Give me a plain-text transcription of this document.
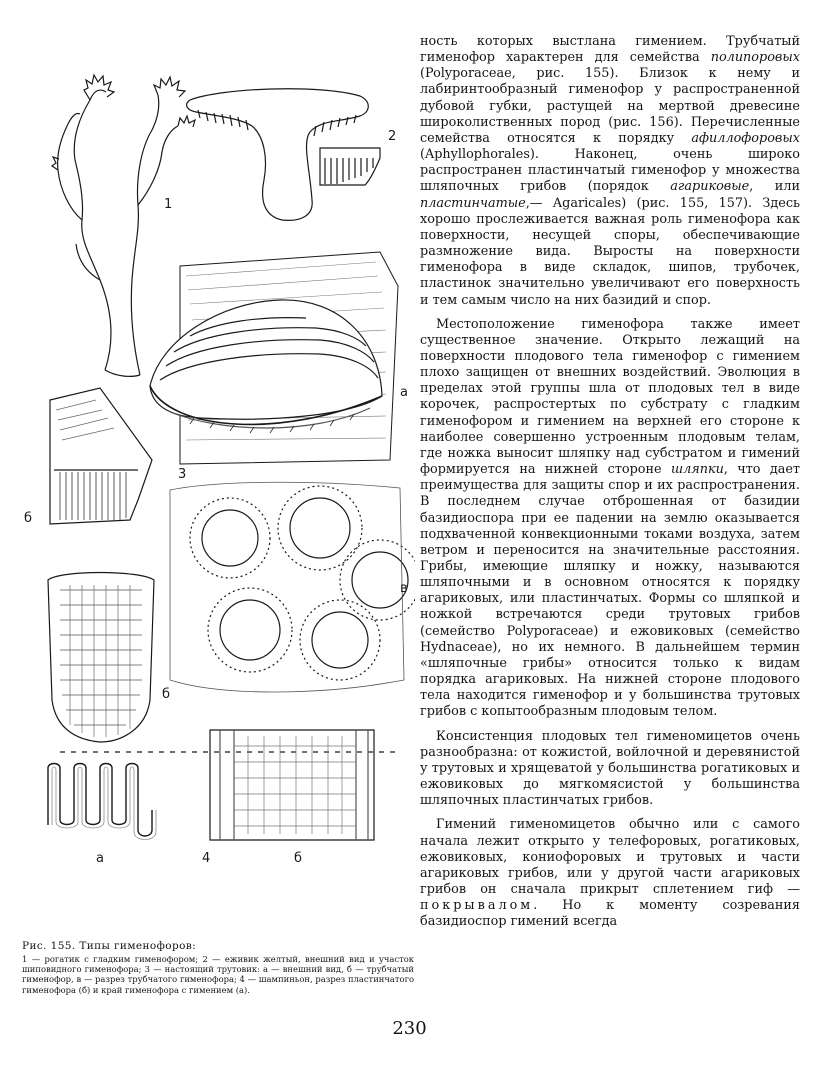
1
2
3
а
б
в
б
а	4	б

Рис. 155. Типы гименофоров:

1 — рогатик с гладким гименофором; 2 — еживик желтый, внешний вид и участок шиповидного гименофора; 3 — настоящий трутовик: а — внешний вид, б — трубчатый гименофор, в — разрез трубчатого гименофора; 4 — шампиньон, разрез пластинчатого гименофора (б) и край гименофора с гимением (а).

ность которых выстлана гимением. Трубчатый гименофор характерен для семейства полипоровых (Polyporaceae, рис. 155). Близок к нему и лабиринтообразный гименофор у распространенной дубовой губки, растущей на мертвой древесине широколиственных пород (рис. 156). Перечисленные семейства относятся к порядку афиллофоровых (Aphyllophorales). Наконец, очень широко распространен пластинчатый гименофор у множества шляпочных грибов (порядок агариковые, или пластинчатые,— Agaricales) (рис. 155, 157). Здесь хорошо прослеживается важная роль гименофора как поверхности, несущей споры, обеспечивающие размножение вида. Выросты на поверхности гименофора в виде складок, шипов, трубочек, пластинок значительно увеличивают его поверхность и тем самым число на них базидий и спор.

Местоположение гименофора также имеет существенное значение. Открыто лежащий на поверхности плодового тела гименофор с гимением плохо защищен от внешних воздействий. Эволюция в пределах этой группы шла от плодовых тел в виде корочек, распростертых по субстрату с гладким гименофором и гимением на верхней его стороне к наиболее совершенно устроенным плодовым телам, где ножка выносит шляпку над субстратом и гимений формируется на нижней стороне шляпки, что дает преимущества для защиты спор и их распространения. В последнем случае отброшенная от базидии базидиоспора при ее падении на землю оказывается подхваченной конвекционными токами воздуха, затем ветром и переносится на значительные расстояния. Грибы, имеющие шляпку и ножку, называются шляпочными и в основном относятся к порядку агариковых, или пластинчатых. Формы со шляпкой и ножкой встречаются среди трутовых грибов (семейство Polyporaceae) и ежовиковых (семейство Hydnaceae), но их немного. В дальнейшем термин «шляпочные грибы» относится только к видам порядка агариковых. На нижней стороне плодового тела находится гименофор и у большинства трутовых грибов с копытообразным плодовым телом.

Консистенция плодовых тел гименомицетов очень разнообразна: от кожистой, войлочной и деревянистой у трутовых и хрящеватой у большинства рогатиковых и ежовиковых до мягкомясистой у большинства шляпочных пластинчатых грибов.

Гимений гименомицетов обычно или с самого начала лежит открыто у телефоровых, рогатиковых, ежовиковых, кониофоровых и трутовых и части агариковых грибов, или у другой части агариковых грибов он сначала прикрыт сплетением гиф — покрывалом. Но к моменту созревания базидиоспор гимений всегда

230
